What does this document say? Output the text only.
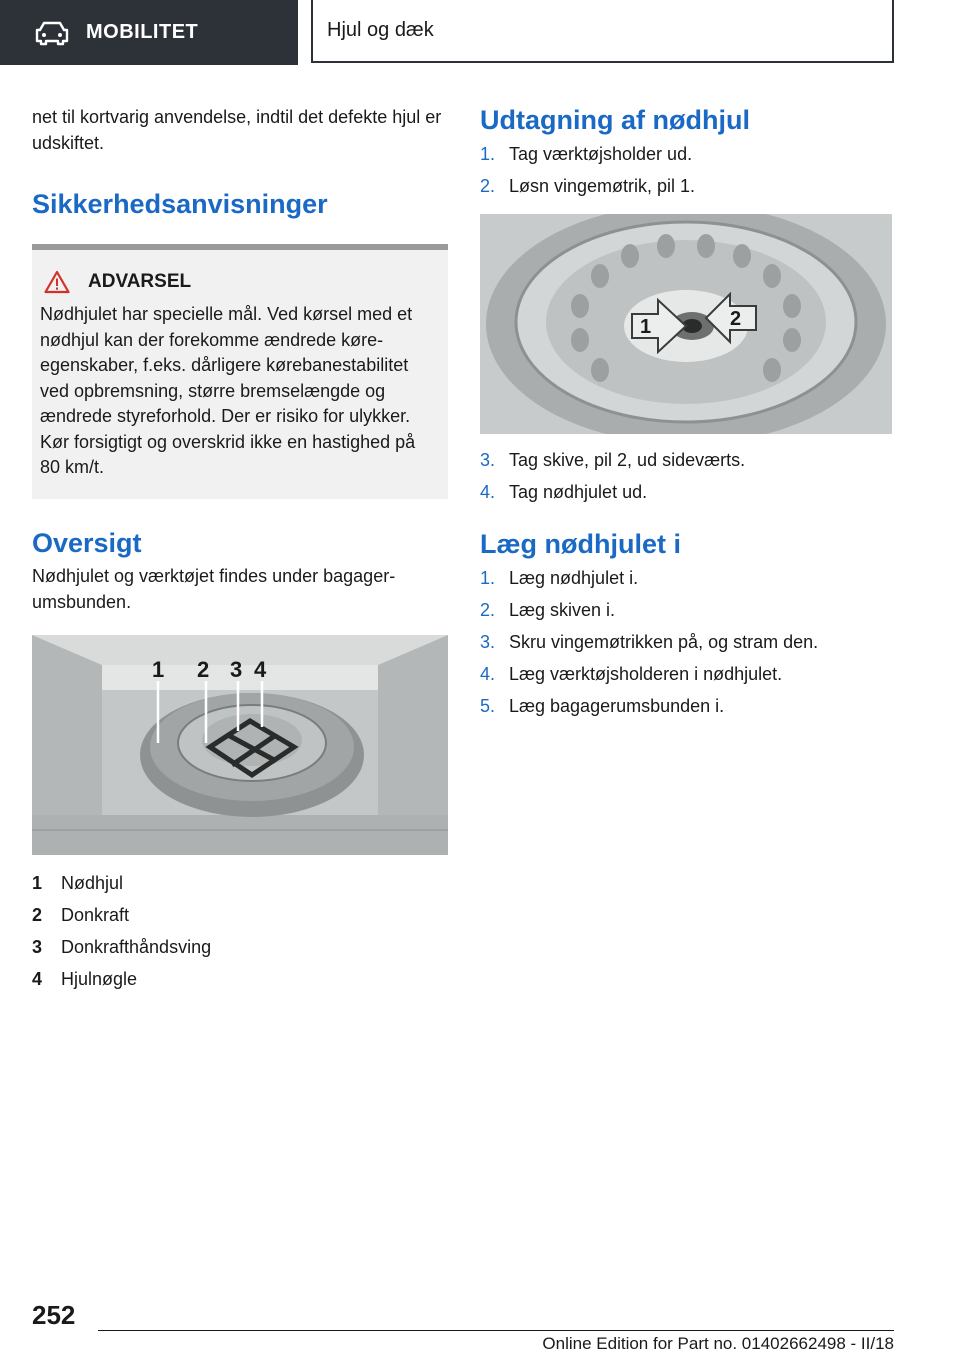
MOBILITET	Hjul og dæk

net til kortvarig anvendelse, indtil det defekte hjul er udskiftet.

Sikkerhedsanvisninger
ADVARSEL

Nødhjulet har specielle mål. Ved kørsel med et nødhjul kan der forekomme ændrede køre-egenskaber, f.eks. dårligere kørebanestabilitet ved opbremsning, større bremselængde og ændrede styreforhold. Der er risiko for ulykker. Kør forsigtigt og overskrid ikke en hastighed på 80 km/t.

Oversigt

Nødhjulet og værktøjet findes under bagager-umsbunden.

1 2 3 4
1	Nødhjul
2	Donkraft
3	Donkrafthåndsving
4	Hjulnøgle
Udtagning af nødhjul
1. Tag værktøjsholder ud.
2. Løsn vingemøtrik, pil 1.
1	2
3. Tag skive, pil 2, ud sideværts.
4. Tag nødhjulet ud.
Læg nødhjulet i
1. Læg nødhjulet i.
2. Læg skiven i.
3. Skru vingemøtrikken på, og stram den.
4. Læg værktøjsholderen i nødhjulet.
5. Læg bagagerumsbunden i.
252
Online Edition for Part no. 01402662498 - II/18
